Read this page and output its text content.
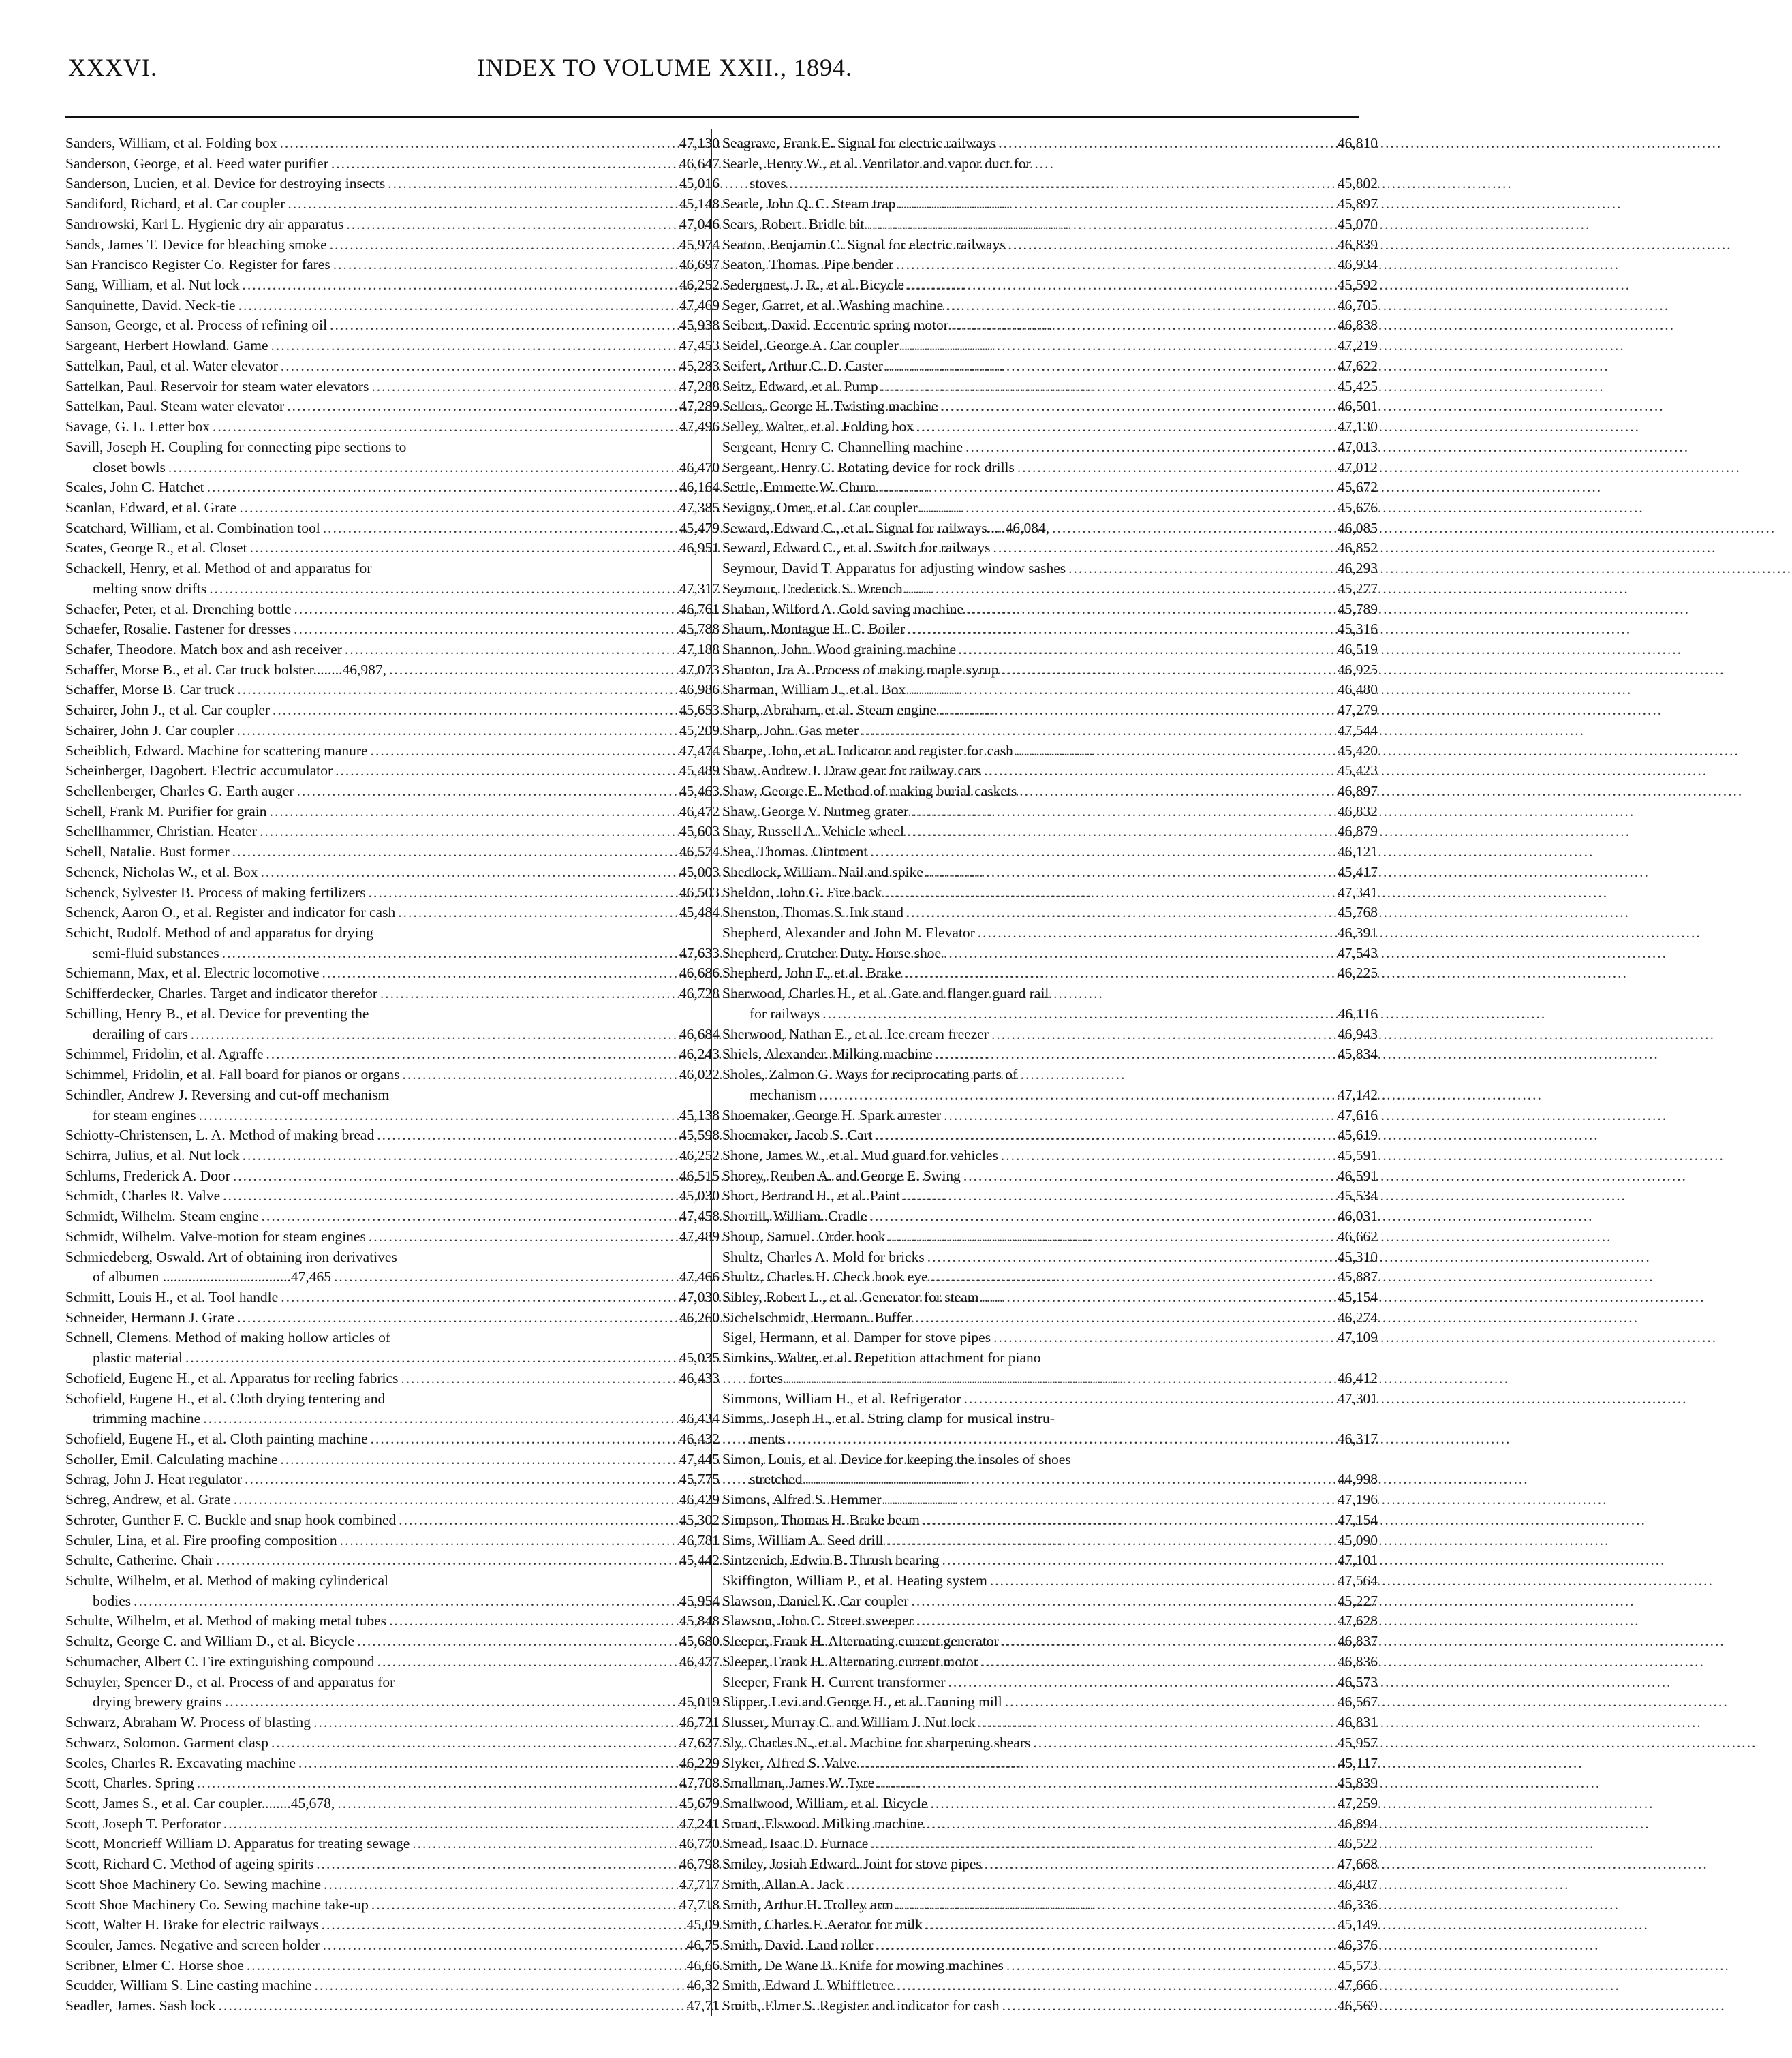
XXXVI.	INDEX TO VOLUME XXII., 1894.
Sanders, William, et al. Folding box .....	47,130
Sanderson, George, et al. Feed water purifier .....	46,647
Sanderson, Lucien, et al. Device for destroying insects .....	45,016
Sandiford, Richard, et al. Car coupler .....	45,148
Sandrowski, Karl L. Hygienic dry air apparatus .....	47,046
Sands, James T. Device for bleaching smoke .....	45,974
San Francisco Register Co. Register for fares .....	46,697
Sang, William, et al. Nut lock .....	46,252
Sanquinette, David. Neck-tie .....	47,469
Sanson, George, et al. Process of refining oil .....	45,938
Sargeant, Herbert Howland. Game .....	47,453
Sattelkan, Paul, et al. Water elevator .....	45,283
Sattelkan, Paul. Reservoir for steam water elevators .....	47,288
Sattelkan, Paul. Steam water elevator .....	47,289
Savage, G. L. Letter box .....	47,496
Savill, Joseph H. Coupling for connecting pipe sections to
closet bowls .....	46,470
Scales, John C. Hatchet .....	46,164
Scanlan, Edward, et al. Grate .....	47,385
Scatchard, William, et al. Combination tool .....	45,479
Scates, George R., et al. Closet .....	46,951
Schackell, Henry, et al. Method of and apparatus for
melting snow drifts .....	47,317
Schaefer, Peter, et al. Drenching bottle .....	46,761
Schaefer, Rosalie. Fastener for dresses .....	45,788
Schafer, Theodore. Match box and ash receiver .....	47,188
Schaffer, Morse B., et al. Car truck bolster........46,987, .....	47,073
Schaffer, Morse B. Car truck .....	46,986
Schairer, John J., et al. Car coupler .....	45,653
Schairer, John J. Car coupler .....	45,209
Scheiblich, Edward. Machine for scattering manure .....	47,474
Scheinberger, Dagobert. Electric accumulator .....	45,489
Schellenberger, Charles G. Earth auger .....	45,463
Schell, Frank M. Purifier for grain .....	46,472
Schellhammer, Christian. Heater .....	45,603
Schell, Natalie. Bust former .....	46,574
Schenck, Nicholas W., et al. Box .....	45,003
Schenck, Sylvester B. Process of making fertilizers .....	46,503
Schenck, Aaron O., et al. Register and indicator for cash .....	45,484
Schicht, Rudolf. Method of and apparatus for drying
semi-fluid substances .....	47,633
Schiemann, Max, et al. Electric locomotive .....	46,686
Schifferdecker, Charles. Target and indicator therefor .....	46,728
Schilling, Henry B., et al. Device for preventing the
derailing of cars .....	46,684
Schimmel, Fridolin, et al. Agraffe .....	46,243
Schimmel, Fridolin, et al. Fall board for pianos or organs .....	46,022
Schindler, Andrew J. Reversing and cut-off mechanism
for steam engines .....	45,138
Schiotty-Christensen, L. A. Method of making bread .....	45,598
Schirra, Julius, et al. Nut lock .....	46,252
Schlums, Frederick A. Door .....	46,515
Schmidt, Charles R. Valve .....	45,030
Schmidt, Wilhelm. Steam engine .....	47,458
Schmidt, Wilhelm. Valve-motion for steam engines .....	47,489
Schmiedeberg, Oswald. Art of obtaining iron derivatives
of albumen ...................................47,465 .....	47,466
Schmitt, Louis H., et al. Tool handle .....	47,030
Schneider, Hermann J. Grate .....	46,260
Schnell, Clemens. Method of making hollow articles of
plastic material .....	45,035
Schofield, Eugene H., et al. Apparatus for reeling fabrics .....	46,433
Schofield, Eugene H., et al. Cloth drying tentering and
trimming machine .....	46,434
Schofield, Eugene H., et al. Cloth painting machine .....	46,432
Scholler, Emil. Calculating machine .....	47,445
Schrag, John J. Heat regulator .....	45,775
Schreg, Andrew, et al. Grate .....	46,429
Schroter, Gunther F. C. Buckle and snap hook combined .....	45,302
Schuler, Lina, et al. Fire proofing composition .....	46,781
Schulte, Catherine. Chair .....	45,442
Schulte, Wilhelm, et al. Method of making cylinderical
bodies .....	45,954
Schulte, Wilhelm, et al. Method of making metal tubes .....	45,848
Schultz, George C. and William D., et al. Bicycle .....	45,680
Schumacher, Albert C. Fire extinguishing compound .....	46,477
Schuyler, Spencer D., et al. Process of and apparatus for
drying brewery grains .....	45,019
Schwarz, Abraham W. Process of blasting .....	46,721
Schwarz, Solomon. Garment clasp .....	47,627
Scoles, Charles R. Excavating machine .....	46,229
Scott, Charles. Spring .....	47,708
Scott, James S., et al. Car coupler........45,678, .....	45,679
Scott, Joseph T. Perforator .....	47,241
Scott, Moncrieff William D. Apparatus for treating sewage .....	46,770
Scott, Richard C. Method of ageing spirits .....	46,798
Scott Shoe Machinery Co. Sewing machine .....	47,717
Scott Shoe Machinery Co. Sewing machine take-up .....	47,718
Scott, Walter H. Brake for electric railways .....	45,09
Scouler, James. Negative and screen holder .....	46,75
Scribner, Elmer C. Horse shoe .....	46,66
Scudder, William S. Line casting machine .....	46,32
Seadler, James. Sash lock .....	47,71
Seagrave, Frank E. Signal for electric railways .....	46,810
Searle, Henry W., et al. Ventilator and vapor duct for
stoves .....	45,802
Searle, John Q. C. Steam trap .....	45,897
Sears, Robert. Bridle bit .....	45,070
Seaton, Benjamin C. Signal for electric railways .....	46,839
Seaton, Thomas. Pipe bender .....	46,934
Sedergnest, J. R., et al. Bicycle .....	45,592
Seger, Garret, et al. Washing machine .....	46,705
Seibert, David. Eccentric spring motor .....	46,838
Seidel, George A. Car coupler .....	47,219
Seifert, Arthur C. D. Caster .....	47,622
Seitz, Edward, et al. Pump .....	45,425
Sellers, George H. Twisting machine .....	46,501
Selley, Walter, et al. Folding box .....	47,130
Sergeant, Henry C. Channelling machine .....	47,013
Sergeant, Henry C. Rotating device for rock drills .....	47,012
Settle, Emmette W. Churn .....	45,672
Sevigny, Omer, et al. Car coupler .....	45,676
Seward, Edward C., et al. Signal for railways.....46,084, .....	46,085
Seward, Edward C., et al. Switch for railways .....	46,852
Seymour, David T. Apparatus for adjusting window sashes .....	46,293
Seymour, Frederick S. Wrench .....	45,277
Shahan, Wilford A. Gold saving machine .....	45,789
Shaum, Montague H. C. Boiler .....	45,316
Shannon, John. Wood graining machine .....	46,519
Shanton, Ira A. Process of making maple syrup .....	46,925
Sharman, William J., et al. Box .....	46,480
Sharp, Abraham, et al. Steam engine .....	47,279
Sharp, John. Gas meter .....	47,544
Sharpe, John, et al. Indicator and register for cash .....	45,420
Shaw, Andrew J. Draw gear for railway cars .....	45,423
Shaw, George E. Method of making burial caskets .....	46,897
Shaw, George V. Nutmeg grater .....	46,832
Shay, Russell A. Vehicle wheel .....	46,879
Shea, Thomas. Ointment .....	46,121
Shedlock, William. Nail and spike .....	45,417
Sheldon, John G. Fire back .....	47,341
Shenston, Thomas S. Ink stand .....	45,768
Shepherd, Alexander and John M. Elevator .....	46,391
Shepherd, Crutcher Duty. Horse shoe .....	47,543
Shepherd, John F., et al. Brake .....	46,225
Sherwood, Charles H., et al. Gate and flanger guard rail
for railways .....	46,116
Sherwood, Nathan E., et al. Ice cream freezer .....	46,943
Shiels, Alexander. Milking machine .....	45,834
Sholes, Zalmon G. Ways for reciprocating parts of
mechanism .....	47,142
Shoemaker, George H. Spark arrester .....	47,616
Shoemaker, Jacob S. Cart .....	45,619
Shone, James W., et al. Mud guard for vehicles .....	45,591
Shorey, Reuben A. and George E. Swing .....	46,591
Short, Bertrand H., et al. Paint .....	45,534
Shortill, William. Cradle .....	46,031
Shoup, Samuel. Order book .....	46,662
Shultz, Charles A. Mold for bricks .....	45,310
Shultz, Charles H. Check hook eye .....	45,887
Sibley, Robert L., et al. Generator for steam .....	45,154
Sichelschmidt, Hermann. Buffer .....	46,274
Sigel, Hermann, et al. Damper for stove pipes .....	47,109
Simkins, Walter, et al. Repetition attachment for piano
fortes .....	46,412
Simmons, William H., et al. Refrigerator .....	47,301
Simms, Joseph H., et al. String clamp for musical instru-
ments .....	46,317
Simon, Louis, et al. Device for keeping the insoles of shoes
stretched .....	44,998
Simons, Alfred S. Hemmer .....	47,196
Simpson, Thomas H. Brake beam .....	47,154
Sims, William A. Seed drill .....	45,090
Sintzenich, Edwin B. Thrush bearing .....	47,101
Skiffington, William P., et al. Heating system .....	47,564
Slawson, Daniel K. Car coupler .....	45,227
Slawson, John C. Street sweeper .....	47,628
Sleeper, Frank H. Alternating current generator .....	46,837
Sleeper, Frank H. Alternating current motor .....	46,836
Sleeper, Frank H. Current transformer .....	46,573
Slipper, Levi and George H., et al. Fanning mill .....	46,567
Slusser, Murray C. and William J. Nut lock .....	46,831
Sly, Charles N., et al. Machine for sharpening shears .....	45,957
Slyker, Alfred S. Valve .....	45,117
Smallman, James W. Tyre .....	45,839
Smallwood, William, et al. Bicycle .....	47,259
Smart, Elswood. Milking machine .....	46,894
Smead, Isaac D. Furnace .....	46,522
Smiley, Josiah Edward. Joint for stove pipes .....	47,668
Smith, Allan A. Jack .....	46,487
Smith, Arthur H. Trolley arm .....	46,336
Smith, Charles F. Aerator for milk .....	45,149
Smith, David. Land roller .....	46,376
Smith, De Wane B. Knife for mowing machines .....	45,573
Smith, Edward J. Whiffletree .....	47,666
Smith, Elmer S. Register and indicator for cash .....	46,569
